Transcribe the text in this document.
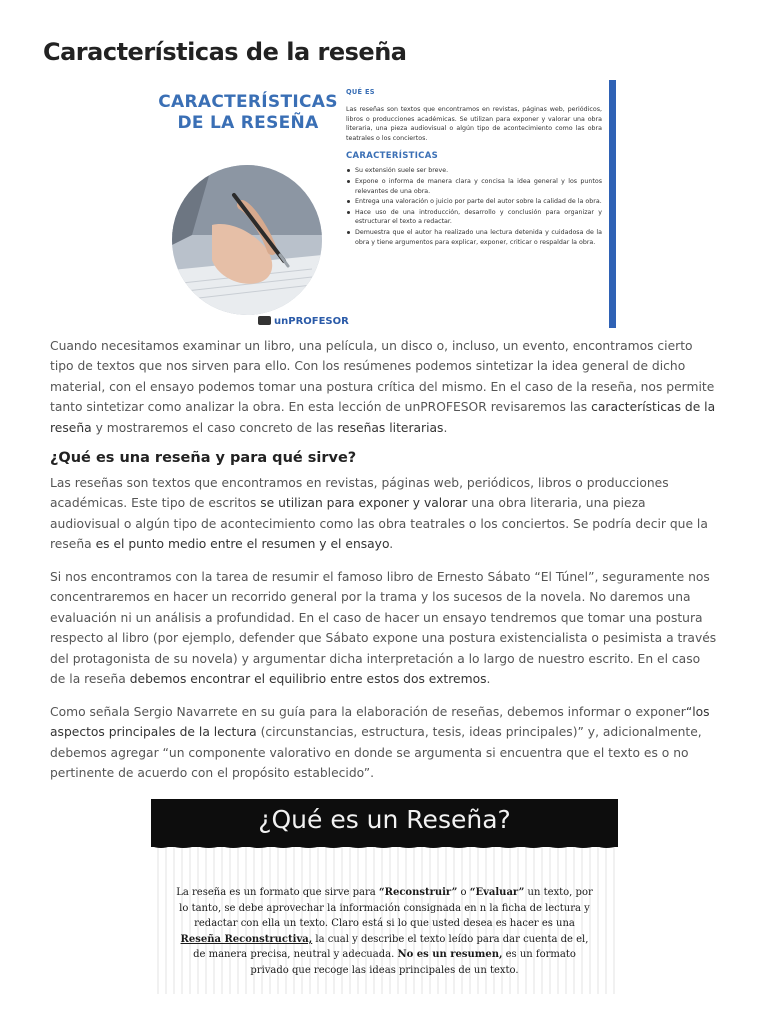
Características de la reseña
CARACTERÍSTICAS
DE LA RESEÑA
unPROFESOR
QUÉ ES

Las reseñas son textos que encontramos en revistas, páginas web, periódicos, libros o producciones académicas. Se utilizan para exponer y valorar una obra literaria, una pieza audiovisual o algún tipo de acontecimiento como las obra teatrales o los conciertos.

CARACTERÍSTICAS
Su extensión suele ser breve.
Expone o informa de manera clara y concisa la idea general y los puntos relevantes de una obra.
Entrega una valoración o juicio por parte del autor sobre la calidad de la obra.
Hace uso de una introducción, desarrollo y conclusión para organizar y estructurar el texto a redactar.
Demuestra que el autor ha realizado una lectura detenida y cuidadosa de la obra y tiene argumentos para explicar, exponer, criticar o respaldar la obra.

Cuando necesitamos examinar un libro, una película, un disco o, incluso, un evento, encontramos cierto tipo de textos que nos sirven para ello. Con los resúmenes podemos sintetizar la idea general de dicho material, con el ensayo podemos tomar una postura crítica del mismo. En el caso de la reseña, nos permite tanto sintetizar como analizar la obra. En esta lección de unPROFESOR revisaremos las características de la reseña y mostraremos el caso concreto de las reseñas literarias.

¿Qué es una reseña y para qué sirve?

Las reseñas son textos que encontramos en revistas, páginas web, periódicos, libros o producciones académicas. Este tipo de escritos se utilizan para exponer y valorar una obra literaria, una pieza audiovisual o algún tipo de acontecimiento como las obra teatrales o los conciertos. Se podría decir que la reseña es el punto medio entre el resumen y el ensayo.

Si nos encontramos con la tarea de resumir el famoso libro de Ernesto Sábato “El Túnel”, seguramente nos concentraremos en hacer un recorrido general por la trama y los sucesos de la novela. No daremos una evaluación ni un análisis a profundidad. En el caso de hacer un ensayo tendremos que tomar una postura respecto al libro (por ejemplo, defender que Sábato expone una postura existencialista o pesimista a través del protagonista de su novela) y argumentar dicha interpretación a lo largo de nuestro escrito. En el caso de la reseña debemos encontrar el equilibrio entre estos dos extremos.

Como señala Sergio Navarrete en su guía para la elaboración de reseñas, debemos informar o exponer“los aspectos principales de la lectura (circunstancias, estructura, tesis, ideas principales)” y, adicionalmente, debemos agregar “un componente valorativo en donde se argumenta si encuentra que el texto es o no pertinente de acuerdo con el propósito establecido”.

¿Qué es un Reseña?
La reseña es un formato que sirve para “Reconstruir” o “Evaluar” un texto, por lo tanto, se debe aprovechar la información consignada en n la ficha de lectura y redactar con ella un texto. Claro está si lo que usted desea es hacer es una Reseña Reconstructiva, la cual y describe el texto leído para dar cuenta de el, de manera precisa, neutral y adecuada. No es un resumen, es un formato privado que recoge las ideas principales de un texto.
